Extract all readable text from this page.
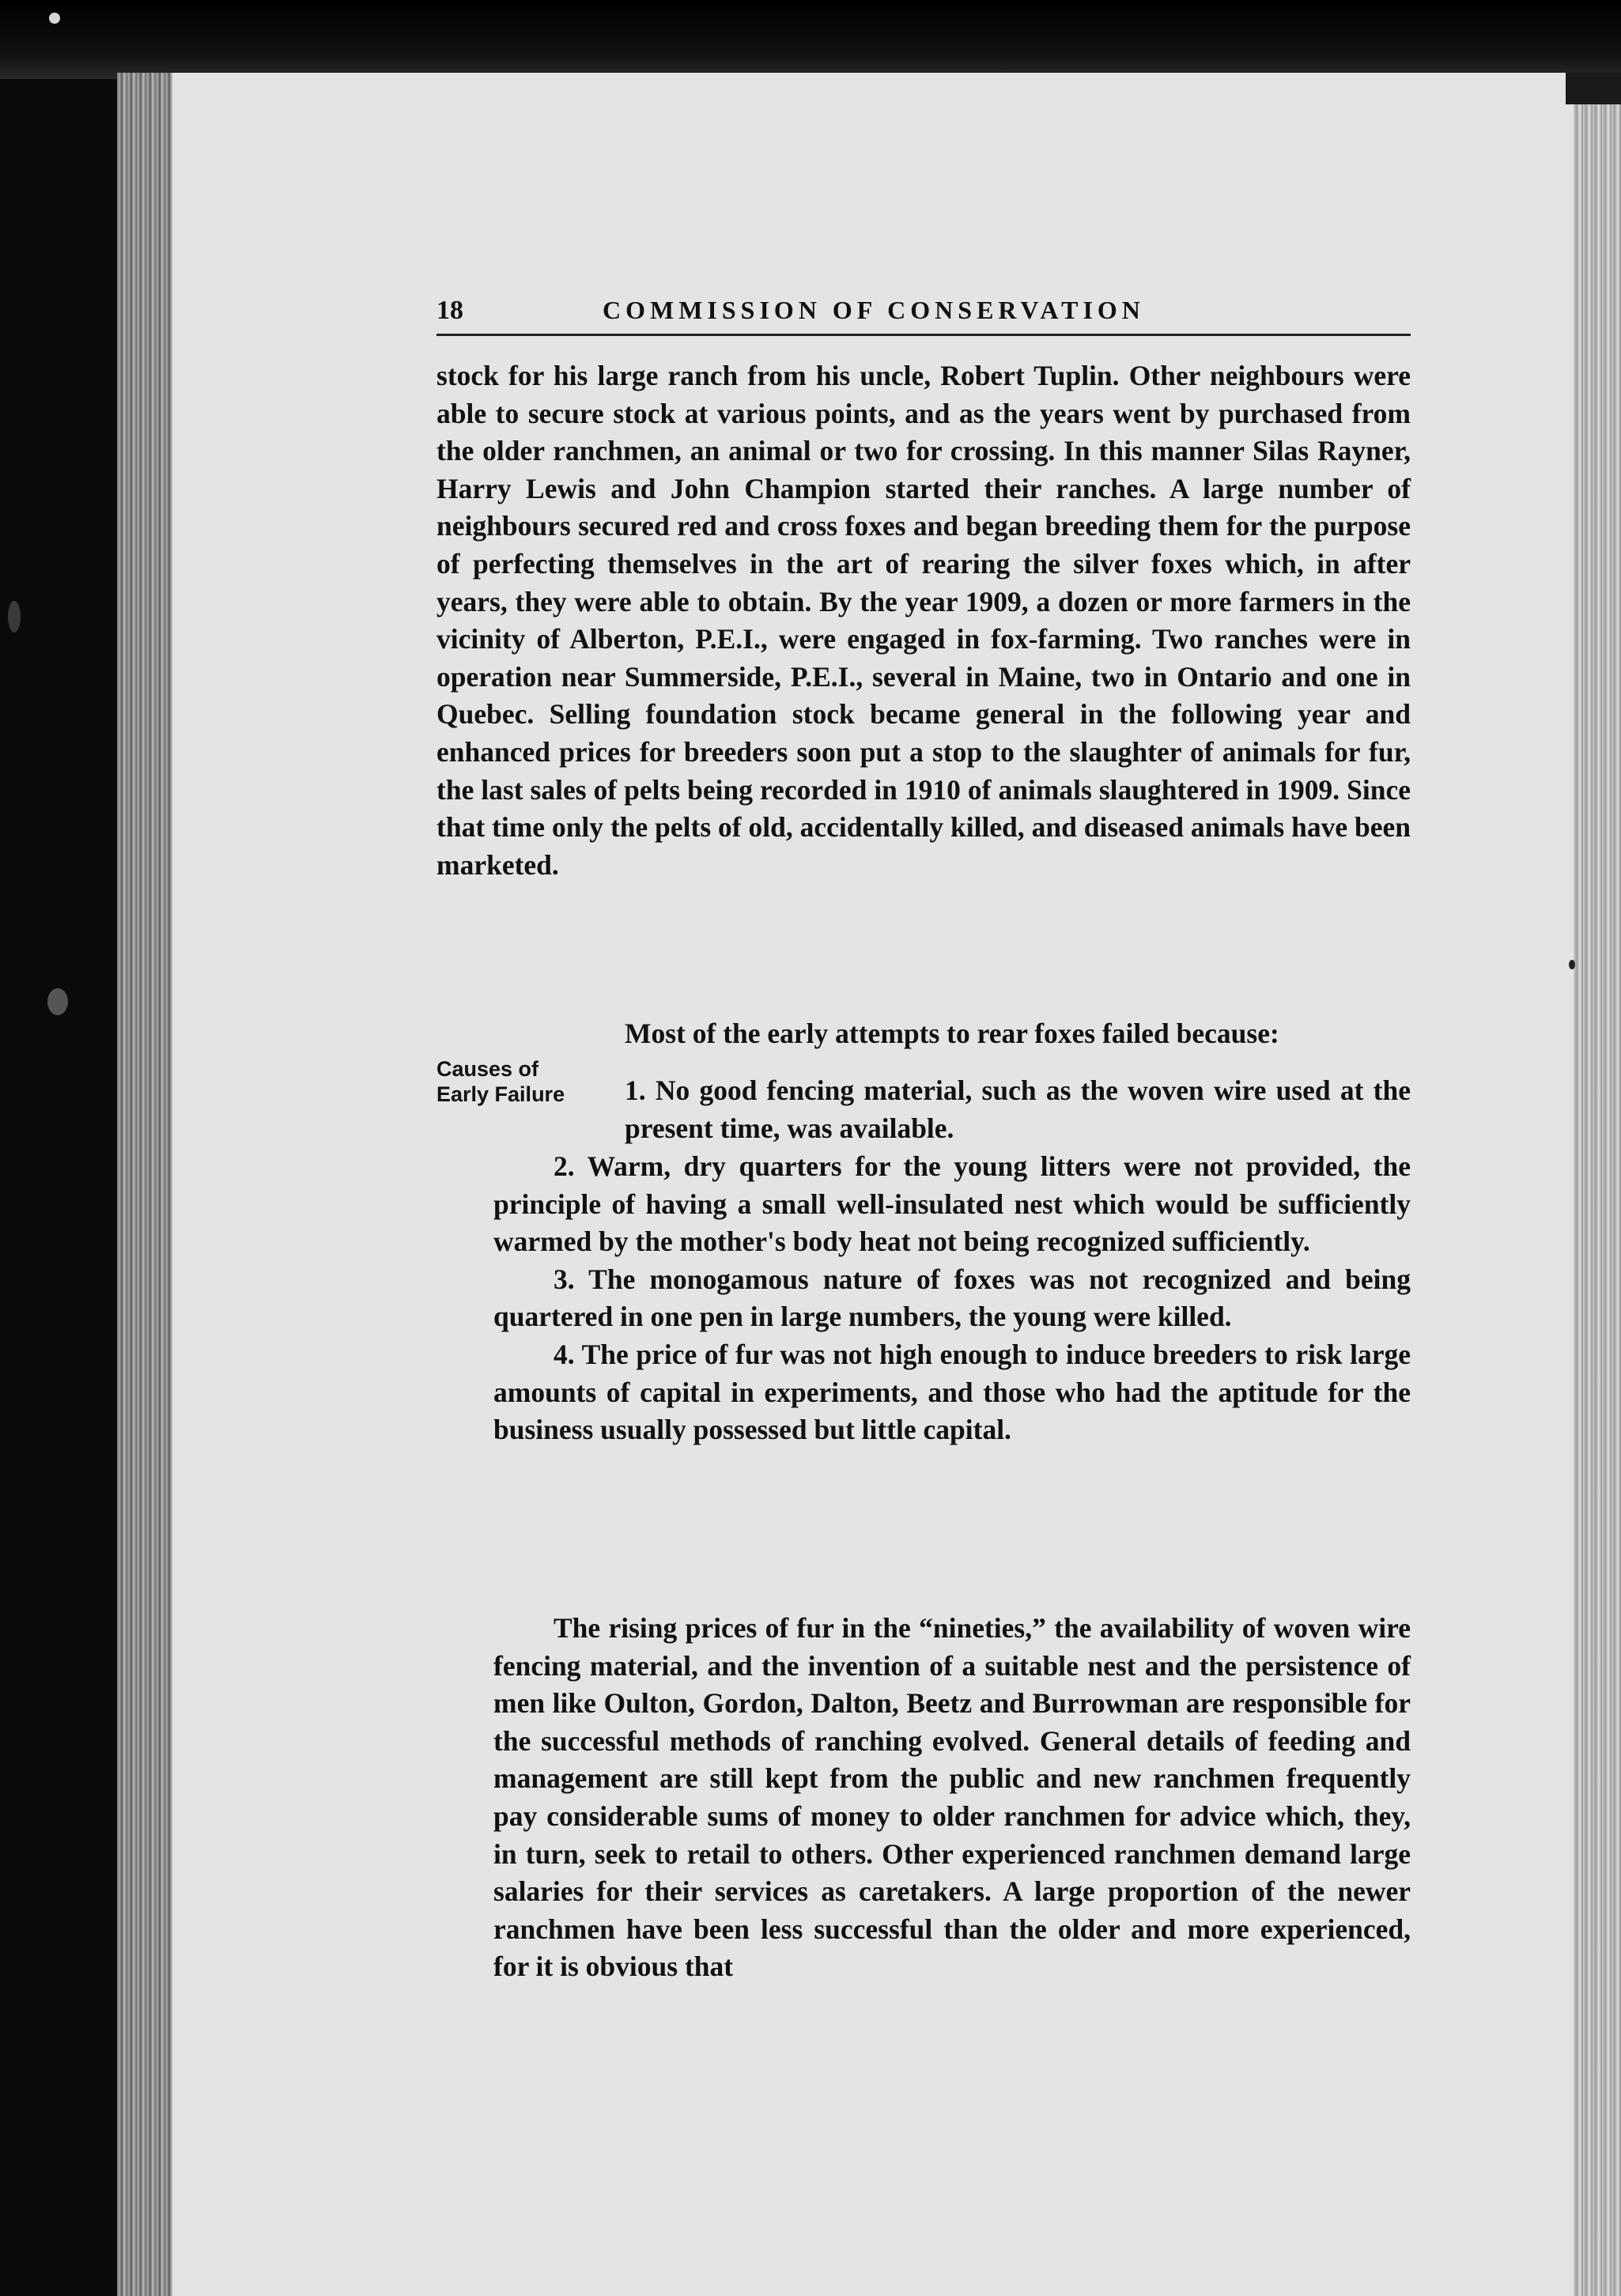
18	COMMISSION OF CONSERVATION

stock for his large ranch from his uncle, Robert Tuplin. Other neighbours were able to secure stock at various points, and as the years went by purchased from the older ranchmen, an animal or two for crossing. In this manner Silas Rayner, Harry Lewis and John Champion started their ranches. A large number of neighbours secured red and cross foxes and began breeding them for the purpose of perfecting themselves in the art of rearing the silver foxes which, in after years, they were able to obtain. By the year 1909, a dozen or more farmers in the vicinity of Alberton, P.E.I., were engaged in fox-farming. Two ranches were in operation near Summerside, P.E.I., several in Maine, two in Ontario and one in Quebec. Selling foundation stock became general in the following year and enhanced prices for breeders soon put a stop to the slaughter of animals for fur, the last sales of pelts being recorded in 1910 of animals slaughtered in 1909. Since that time only the pelts of old, accidentally killed, and diseased animals have been marketed.

Most of the early attempts to rear foxes failed because:

Causes of Early Failure	1. No good fencing material, such as the woven wire used at the present time, was available.

2. Warm, dry quarters for the young litters were not provided, the principle of having a small well-insulated nest which would be sufficiently warmed by the mother's body heat not being recognized sufficiently.

3. The monogamous nature of foxes was not recognized and being quartered in one pen in large numbers, the young were killed.

4. The price of fur was not high enough to induce breeders to risk large amounts of capital in experiments, and those who had the aptitude for the business usually possessed but little capital.

The rising prices of fur in the “nineties,” the availability of woven wire fencing material, and the invention of a suitable nest and the persistence of men like Oulton, Gordon, Dalton, Beetz and Burrowman are responsible for the successful methods of ranching evolved. General details of feeding and management are still kept from the public and new ranchmen frequently pay considerable sums of money to older ranchmen for advice which, they, in turn, seek to retail to others. Other experienced ranchmen demand large salaries for their services as caretakers. A large proportion of the newer ranchmen have been less successful than the older and more experienced, for it is obvious that
